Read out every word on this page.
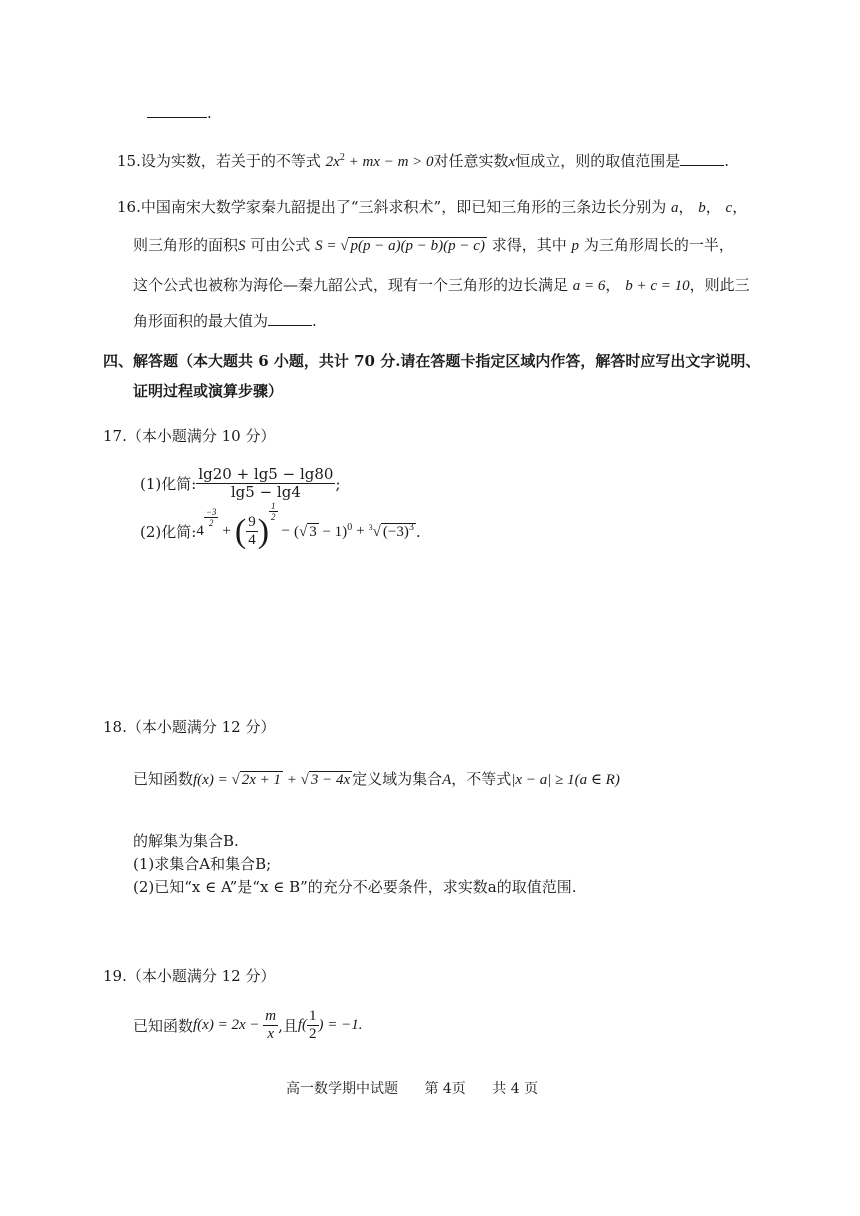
.
15.设为实数，若关于的不等式 $2x^2$ + mx − m > 0对任意实数x恒成立，则的取值范围是	.
16.中国南宋大数学家秦九韶提出了“三斜求积术”，即已知三角形的三条边长分别为 a， b， c，
则三角形的面积S 可由公式 S = √ p(p − a)(p − b)(p − c) 求得，其中 p 为三角形周长的一半，
这个公式也被称为海伦—秦九韶公式，现有一个三角形的边长满足 a = 6， b + c = 10，则此三
角形面积的最大值为	.
四、解答题（本大题共 6 小题，共计 70 分.请在答题卡指定区域内作答，解答时应写出文字说明、
证明过程或演算步骤）
17.（本小题满分 10 分）
(1)化简: $\frac{\lg 20 + \lg 5 - \lg 80}{\lg 5 - \lg 4}$ ;
(2)化简: 4
$^{\frac{-3}{2}}$
+ ( $\frac{9}{4}$ )
$^{\frac{1}{2}}$
− (√ 3 − 1)$^0$ + $^3$√ $(-3)^3$ .
18.（本小题满分 12 分）
已知函数f(x) = √ 2x + 1 + √ 3 − 4x 定义域为集合A，不等式|x − a| ≥ 1(a ∈ R)
的解集为集合B.
(1)求集合A和集合B;
(2)已知“x ∈ A”是“x ∈ B”的充分不必要条件，求实数a的取值范围.
19.（本小题满分 12 分）
已知函数 $f(x) = 2x - \frac{m}{x}$ ,且 $f( \frac{1}{2}$ ) = −1.
高一数学期中试题 第 4页 共 4 页
